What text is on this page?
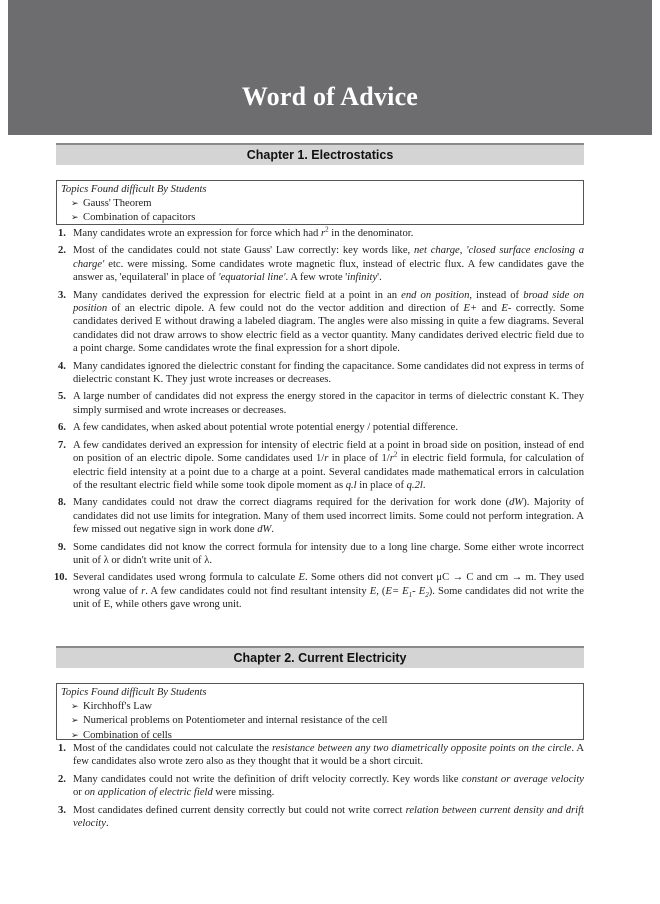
Word of Advice
Chapter 1. Electrostatics
Topics Found difficult By Students
➢ Gauss' Theorem
➢ Combination of capacitors
1. Many candidates wrote an expression for force which had $r^2$ in the denominator.
2. Most of the candidates could not state Gauss' Law correctly: key words like, net charge, 'closed surface enclosing a charge' etc. were missing. Some candidates wrote magnetic flux, instead of electric flux. A few candidates gave the answer as, 'equilateral' in place of 'equatorial line'. A few wrote 'infinity'.
3. Many candidates derived the expression for electric field at a point in an end on position, instead of broad side on position of an electric dipole. A few could not do the vector addition and direction of E+ and E- correctly. Some candidates derived E without drawing a labeled diagram. The angles were also missing in quite a few diagrams. Several candidates did not draw arrows to show electric field as a vector quantity. Many candidates derived electric field due to a point charge. Some candidates wrote the final expression for a short dipole.
4. Many candidates ignored the dielectric constant for finding the capacitance. Some candidates did not express in terms of dielectric constant K. They just wrote increases or decreases.
5. A large number of candidates did not express the energy stored in the capacitor in terms of dielectric constant K. They simply surmised and wrote increases or decreases.
6. A few candidates, when asked about potential wrote potential energy / potential difference.
7. A few candidates derived an expression for intensity of electric field at a point in broad side on position, instead of end on position of an electric dipole. Some candidates used 1/r in place of $1/r^2$ in electric field formula, for calculation of electric field intensity at a point due to a charge at a point. Several candidates made mathematical errors in calculation of the resultant electric field while some took dipole moment as q.l in place of q.2l.
8. Many candidates could not draw the correct diagrams required for the derivation for work done (dW). Majority of candidates did not use limits for integration. Many of them used incorrect limits. Some could not perform integration. A few missed out negative sign in work done dW.
9. Some candidates did not know the correct formula for intensity due to a long line charge. Some either wrote incorrect unit of λ or didn't write unit of λ.
10. Several candidates used wrong formula to calculate E. Some others did not convert μC → C and cm → m. They used wrong value of r. A few candidates could not find resultant intensity E, ($E= E_1-$ $E_2$). Some candidates did not write the unit of E, while others gave wrong unit.
Chapter 2. Current Electricity
Topics Found difficult By Students
➢ Kirchhoff's Law
➢ Numerical problems on Potentiometer and internal resistance of the cell
➢ Combination of cells
1. Most of the candidates could not calculate the resistance between any two diametrically opposite points on the circle. A few candidates also wrote zero also as they thought that it would be a short circuit.
2. Many candidates could not write the definition of drift velocity correctly. Key words like constant or average velocity or on application of electric field were missing.
3. Most candidates defined current density correctly but could not write correct relation between current density and drift velocity.
